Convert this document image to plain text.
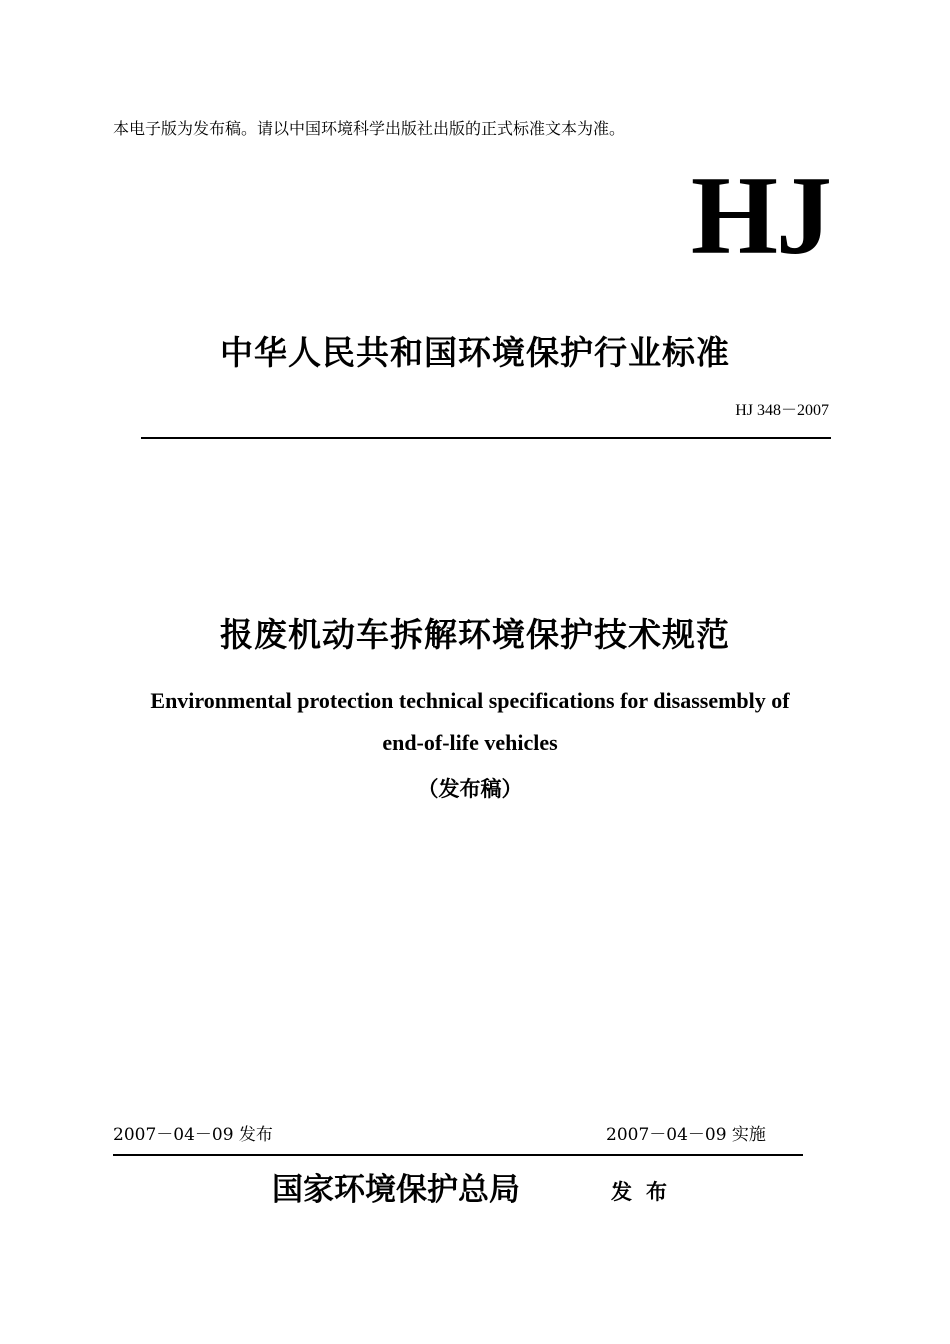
本电子版为发布稿。请以中国环境科学出版社出版的正式标准文本为准。
HJ
中华人民共和国环境保护行业标准
HJ 348－2007
报废机动车拆解环境保护技术规范
Environmental protection technical specifications for disassembly of
end-of-life vehicles
（发布稿）
2007－04－09 发布	2007－04－09 实施
国家环境保护总局	发布
